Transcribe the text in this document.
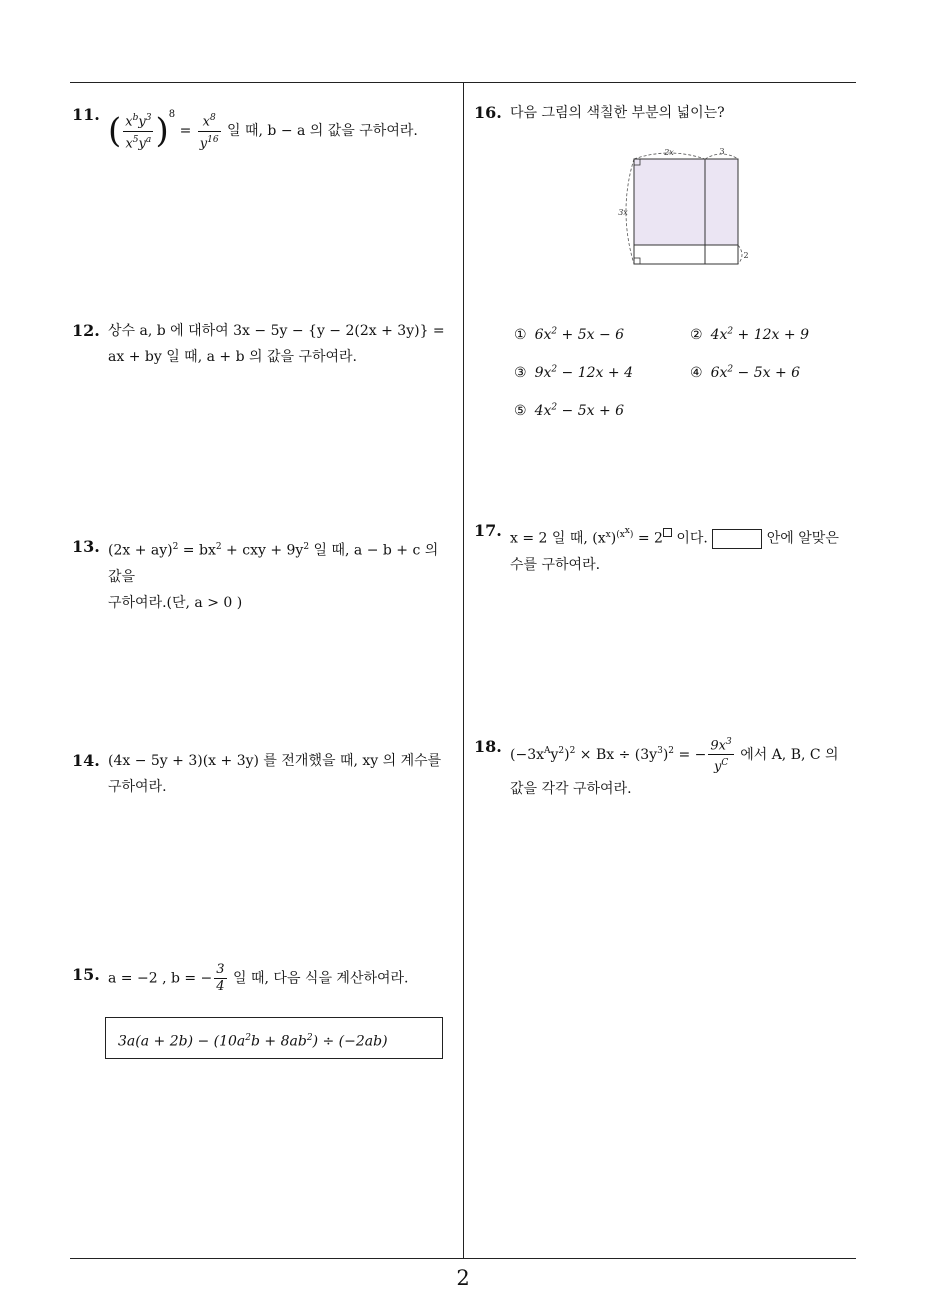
2
11. ( $\frac{x^by^3}{x^5y^a} )^8 = \frac{x^8}{y^{16}}$ 일 때, b − a 의 값을 구하여라.
12. 상수 a, b 에 대하여 3x − 5y − {y − 2(2x + 3y)} =
ax + by 일 때, a + b 의 값을 구하여라.
13. $(2x + ay)^2 = bx^2$ + cxy + $9y^2$ 일 때, a − b + c 의 값을
구하여라.(단, a > 0 )
14. (4x − 5y + 3)(x + 3y) 를 전개했을 때, xy 의 계수를
구하여라.
15. a = −2 , b = − $\frac{3}{4}$ 일 때, 다음 식을 계산하여라.
$3a(a + 2b) - (10a^2b + 8ab^2) \div (-2ab)$
16. 다음 그림의 색칠한 부분의 넓이는?
2x	3
3x
2
① $6x^2 + 5x - 6$	② $4x^2 + 12x + 9$
③ $9x^2 - 12x + 4$	④ $6x^2 - 5x + 6$
⑤ $4x^2 - 5x + 6$
17. x = 2 일 때, $(x^x)^{(x^x)} = 2$ 이다.	안에 알맞은
수를 구하여라.
18. $(-3x^Ay^2)^2 \times Bx \div (3y^3)^2$ = − $\frac{9x^3}{y^C}$ 에서 A, B, C 의
값을 각각 구하여라.
